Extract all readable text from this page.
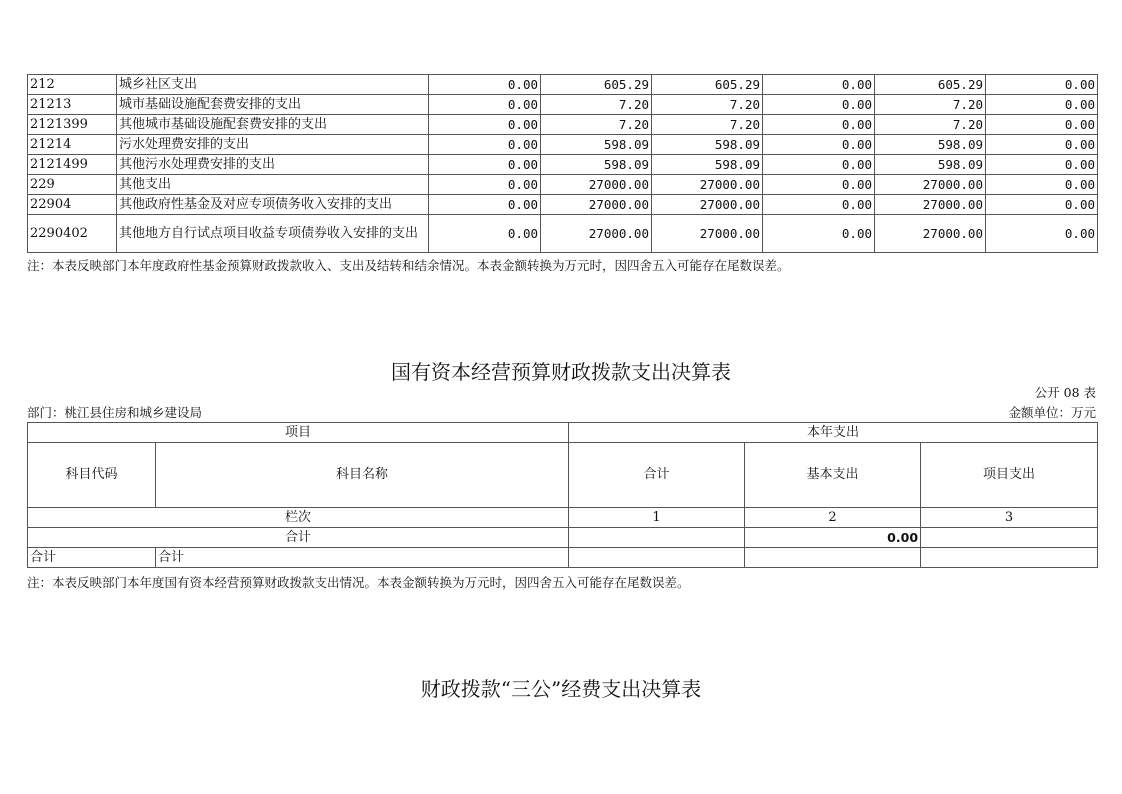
212	城乡社区支出	0.00	605.29	605.29	0.00	605.29	0.00
21213	城市基础设施配套费安排的支出	0.00	7.20	7.20	0.00	7.20	0.00
2121399	其他城市基础设施配套费安排的支出	0.00	7.20	7.20	0.00	7.20	0.00
21214	污水处理费安排的支出	0.00	598.09	598.09	0.00	598.09	0.00
2121499	其他污水处理费安排的支出	0.00	598.09	598.09	0.00	598.09	0.00
229	其他支出	0.00	27000.00	27000.00	0.00	27000.00	0.00
22904	其他政府性基金及对应专项债务收入安排的支出	0.00	27000.00	27000.00	0.00	27000.00	0.00
2290402	其他地方自行试点项目收益专项债券收入安排的支出	0.00	27000.00	27000.00	0.00	27000.00	0.00
注：本表反映部门本年度政府性基金预算财政拨款收入、支出及结转和结余情况。本表金额转换为万元时，因四舍五入可能存在尾数误差。
国有资本经营预算财政拨款支出决算表
公开 08 表
部门：桃江县住房和城乡建设局	金额单位：万元
项目		本年支出		
科目代码	科目名称	合计	基本支出	项目支出
栏次		1	2	3
合计			0.00	
合计	合计			
注：本表反映部门本年度国有资本经营预算财政拨款支出情况。本表金额转换为万元时，因四舍五入可能存在尾数误差。
财政拨款“三公”经费支出决算表
